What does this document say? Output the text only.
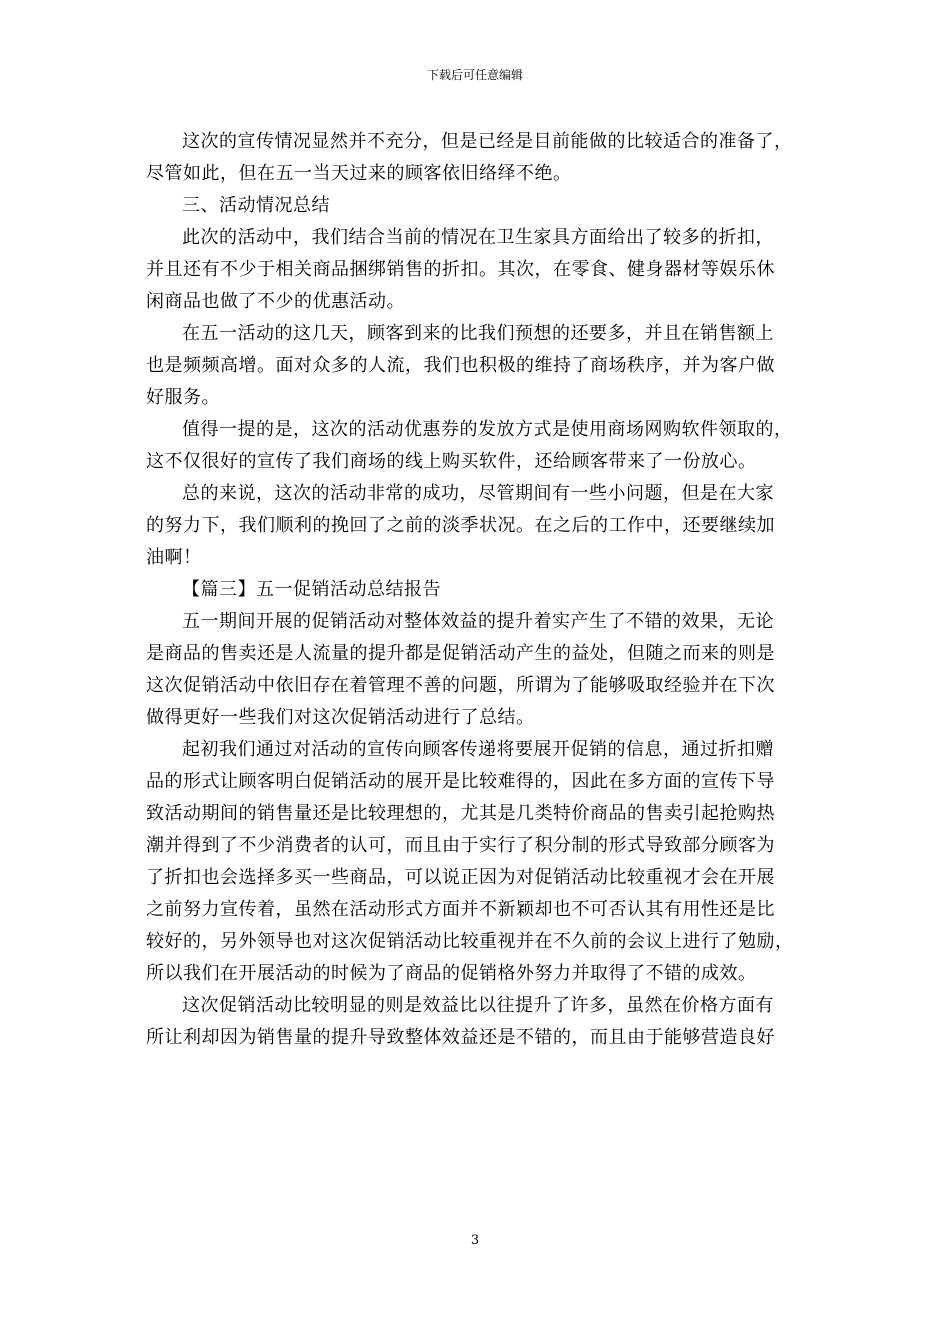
下载后可任意编辑
这次的宣传情况显然并不充分，但是已经是目前能做的比较适合的准备了，
尽管如此，但在五一当天过来的顾客依旧络绎不绝。
三、活动情况总结
此次的活动中，我们结合当前的情况在卫生家具方面给出了较多的折扣，
并且还有不少于相关商品捆绑销售的折扣。其次，在零食、健身器材等娱乐休
闲商品也做了不少的优惠活动。
在五一活动的这几天，顾客到来的比我们预想的还要多，并且在销售额上
也是频频高增。面对众多的人流，我们也积极的维持了商场秩序，并为客户做
好服务。
值得一提的是，这次的活动优惠券的发放方式是使用商场网购软件领取的，
这不仅很好的宣传了我们商场的线上购买软件，还给顾客带来了一份放心。
总的来说，这次的活动非常的成功，尽管期间有一些小问题，但是在大家
的努力下，我们顺利的挽回了之前的淡季状况。在之后的工作中，还要继续加
油啊！
【篇三】五一促销活动总结报告
五一期间开展的促销活动对整体效益的提升着实产生了不错的效果，无论
是商品的售卖还是人流量的提升都是促销活动产生的益处，但随之而来的则是
这次促销活动中依旧存在着管理不善的问题，所谓为了能够吸取经验并在下次
做得更好一些我们对这次促销活动进行了总结。
起初我们通过对活动的宣传向顾客传递将要展开促销的信息，通过折扣赠
品的形式让顾客明白促销活动的展开是比较难得的，因此在多方面的宣传下导
致活动期间的销售量还是比较理想的，尤其是几类特价商品的售卖引起抢购热
潮并得到了不少消费者的认可，而且由于实行了积分制的形式导致部分顾客为
了折扣也会选择多买一些商品，可以说正因为对促销活动比较重视才会在开展
之前努力宣传着，虽然在活动形式方面并不新颖却也不可否认其有用性还是比
较好的，另外领导也对这次促销活动比较重视并在不久前的会议上进行了勉励，
所以我们在开展活动的时候为了商品的促销格外努力并取得了不错的成效。
这次促销活动比较明显的则是效益比以往提升了许多，虽然在价格方面有
所让利却因为销售量的提升导致整体效益还是不错的，而且由于能够营造良好
3
